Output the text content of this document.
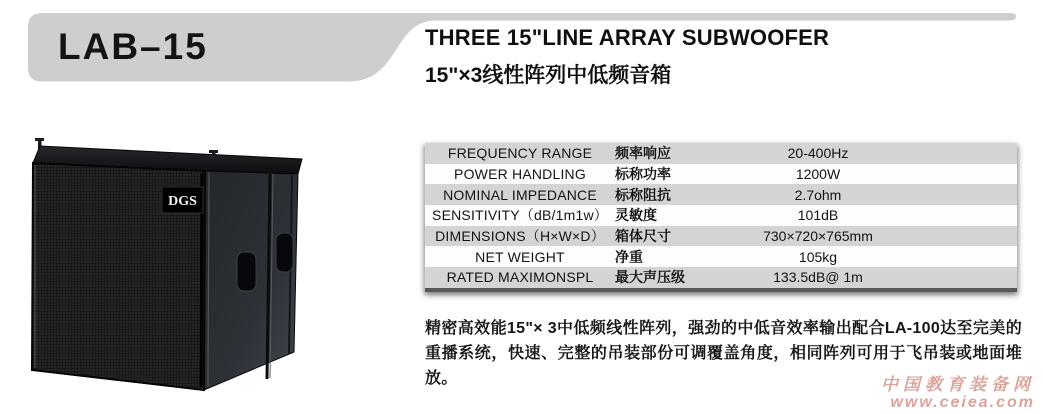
LAB–15	THREE 15"LINE ARRAY SUBWOOFER
15"×3线性阵列中低频音箱
DGS
FREQUENCY RANGE	频率响应	20-400Hz
POWER HANDLING	标称功率	1200W
NOMINAL IMPEDANCE	标称阻抗	2.7ohm
SENSITIVITY（dB/1m1w） 灵敏度	101dB
DIMENSIONS（H×W×D） 箱体尺寸	730×720×765mm
NET WEIGHT	净重	105kg
RATED MAXIMONSPL	最大声压级	133.5dB@ 1m
精密高效能15"× 3中低频线性阵列，强劲的中低音效率输出配合LA-100达至完美的重播系统，快速、完整的吊装部份可调覆盖角度，相同阵列可用于飞吊装或地面堆放。	中国教育装备网
www.ceiea.com
